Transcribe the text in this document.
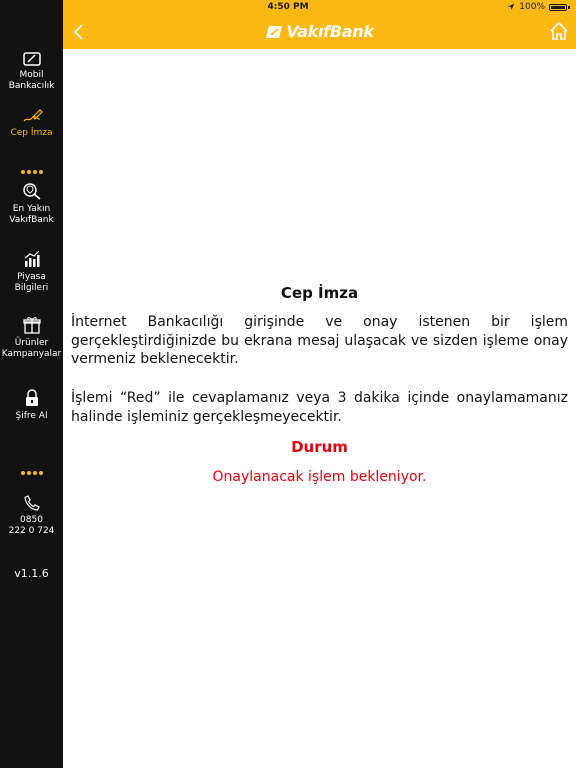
4:50 PM	100%
Mobil Bankacılık
Cep İmza
En Yakın VakıfBank
Piyasa Bilgileri
Ürünler Kampanyalar
Şifre Al
0850
222 0 724
v1.1.6
VakıfBank
Cep İmza
İnternet Bankacılığı girişinde ve onay istenen bir işlem gerçekleştirdiğinizde bu ekrana mesaj ulaşacak ve sizden işleme onay vermeniz beklenecektir.
İşlemi “Red” ile cevaplamanız veya 3 dakika içinde onaylamamanız halinde işleminiz gerçekleşmeyecektir.
Durum
Onaylanacak işlem bekleniyor.
